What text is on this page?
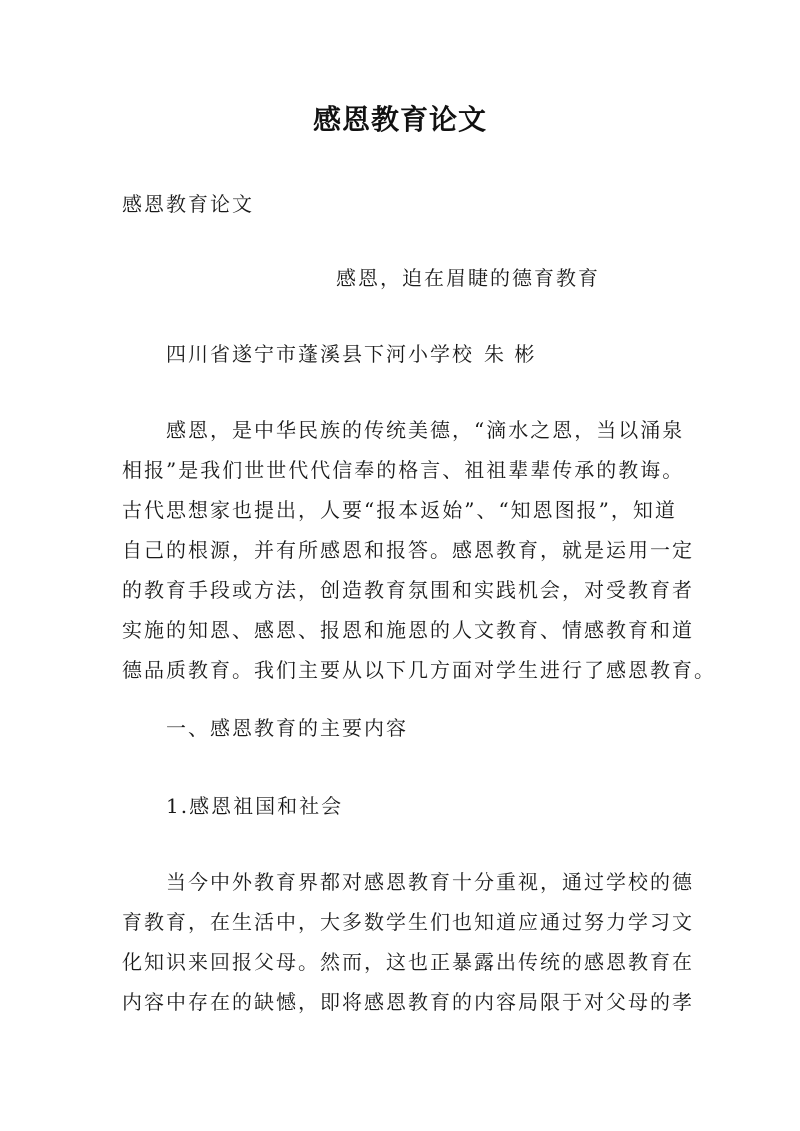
感恩教育论文
感恩教育论文
感恩，迫在眉睫的德育教育
四川省遂宁市蓬溪县下河小学校 朱 彬
　　感恩，是中华民族的传统美德，“滴水之恩，当以涌泉
相报”是我们世世代代信奉的格言、祖祖辈辈传承的教诲。
古代思想家也提出，人要“报本返始”、“知恩图报”，知道
自己的根源，并有所感恩和报答。感恩教育，就是运用一定
的教育手段或方法，创造教育氛围和实践机会，对受教育者
实施的知恩、感恩、报恩和施恩的人文教育、情感教育和道
德品质教育。我们主要从以下几方面对学生进行了感恩教育。
一、感恩教育的主要内容
1.感恩祖国和社会
　　当今中外教育界都对感恩教育十分重视，通过学校的德
育教育，在生活中，大多数学生们也知道应通过努力学习文
化知识来回报父母。然而，这也正暴露出传统的感恩教育在
内容中存在的缺憾，即将感恩教育的内容局限于对父母的孝
